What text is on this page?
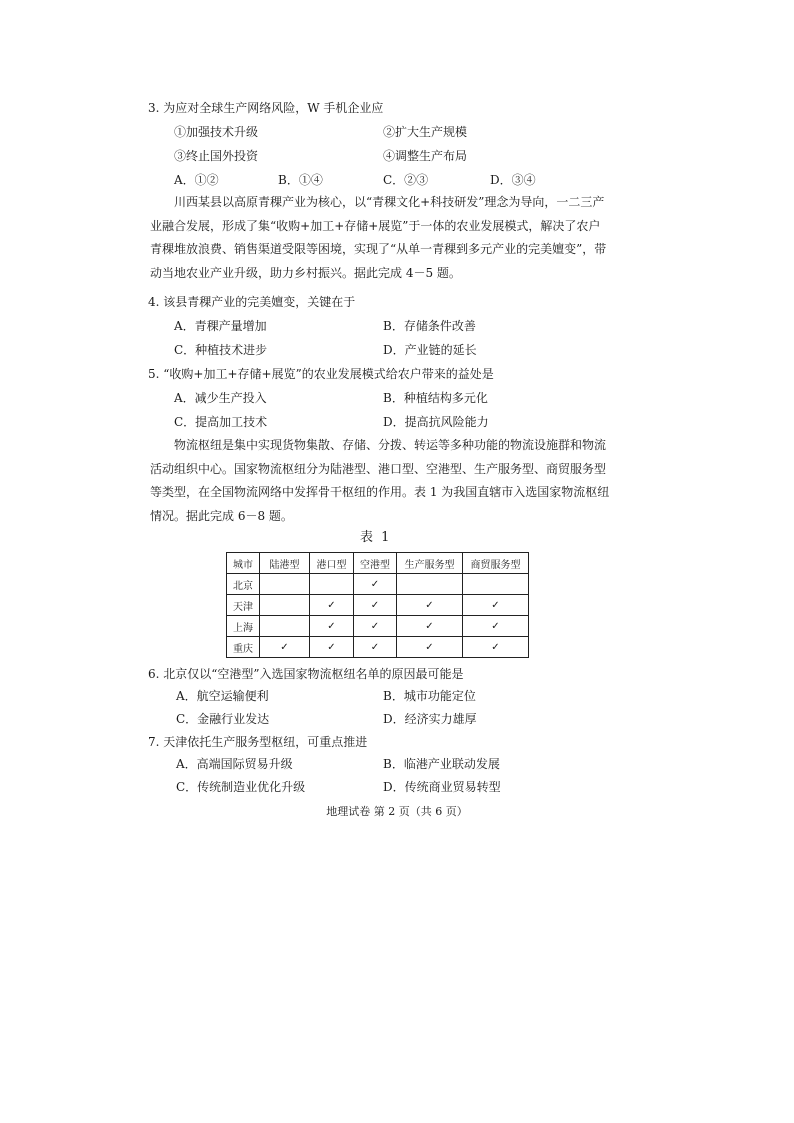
3. 为应对全球生产网络风险，W 手机企业应
①加强技术升级	②扩大生产规模
③终止国外投资	④调整生产布局
A．①②	B．①④	C．②③	D．③④

川西某县以高原青稞产业为核心，以“青稞文化+科技研发”理念为导向，一二三产业融合发展，形成了集“收购+加工+存储+展览”于一体的农业发展模式，解决了农户青稞堆放浪费、销售渠道受限等困境，实现了“从单一青稞到多元产业的完美嬗变”，带动当地农业产业升级，助力乡村振兴。据此完成 4－5 题。

4. 该县青稞产业的完美嬗变，关键在于
A．青稞产量增加	B．存储条件改善
C．种植技术进步	D．产业链的延长
5. “收购+加工+存储+展览”的农业发展模式给农户带来的益处是
A．减少生产投入	B．种植结构多元化
C．提高加工技术	D．提高抗风险能力

物流枢纽是集中实现货物集散、存储、分拨、转运等多种功能的物流设施群和物流活动组织中心。国家物流枢纽分为陆港型、港口型、空港型、生产服务型、商贸服务型等类型，在全国物流网络中发挥骨干枢纽的作用。表 1 为我国直辖市入选国家物流枢纽情况。据此完成 6－8 题。

表 1
城市	陆港型	港口型	空港型	生产服务型	商贸服务型
北京			✓		
天津		✓	✓	✓	✓
上海		✓	✓	✓	✓
重庆	✓	✓	✓	✓	✓
6. 北京仅以“空港型”入选国家物流枢纽名单的原因最可能是
A．航空运输便利	B．城市功能定位
C．金融行业发达	D．经济实力雄厚
7. 天津依托生产服务型枢纽，可重点推进
A．高端国际贸易升级	B．临港产业联动发展
C．传统制造业优化升级	D．传统商业贸易转型
地理试卷 第 2 页（共 6 页）
